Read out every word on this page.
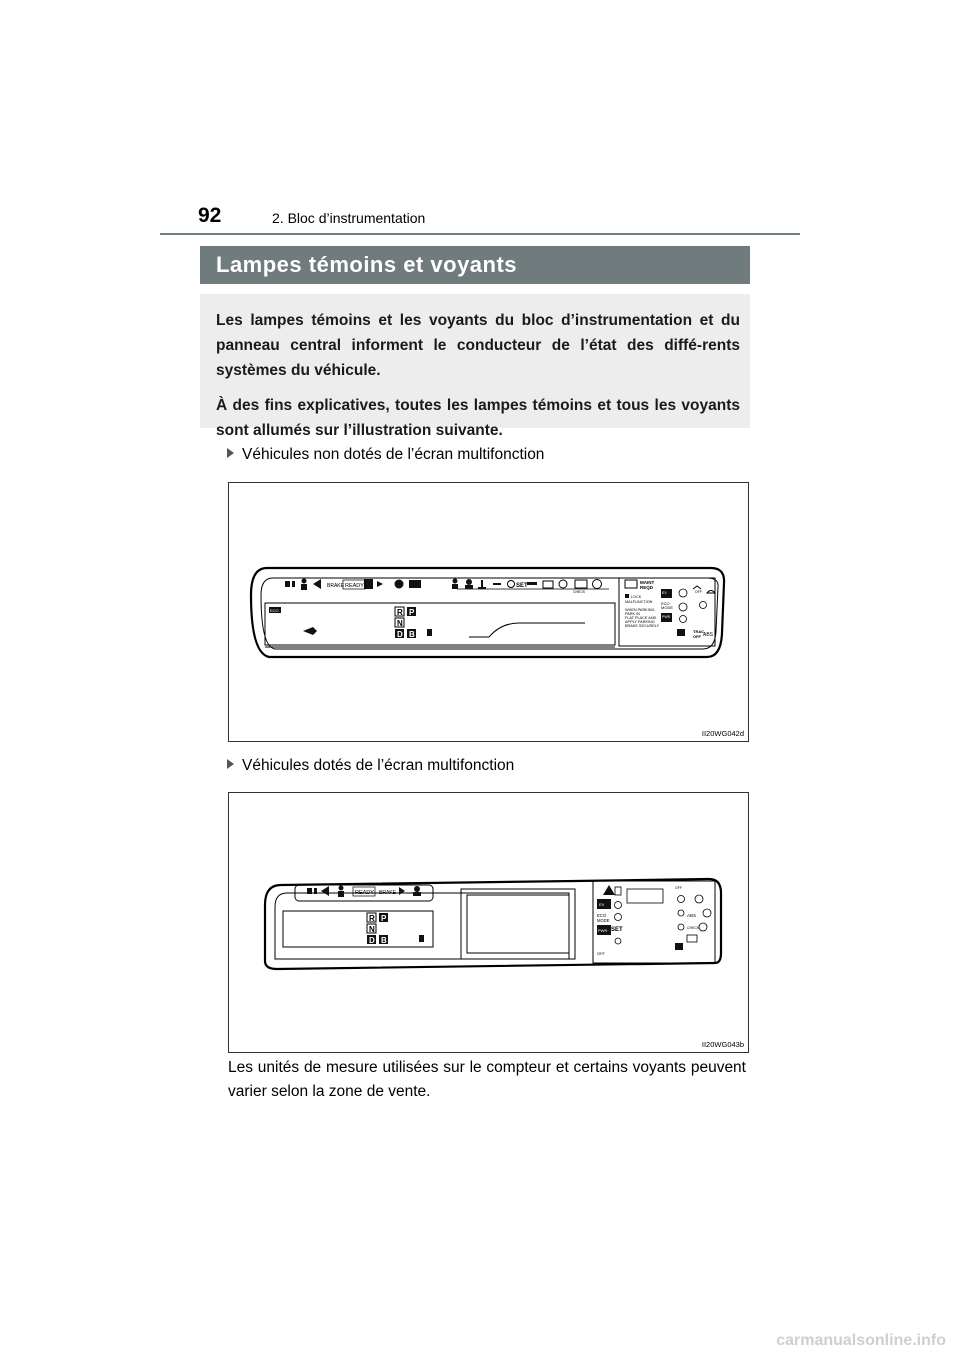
92	2. Bloc d’instrumentation
Lampes témoins et voyants

Les lampes témoins et les voyants du bloc d’instrumentation et du panneau central informent le conducteur de l’état des diffé-rents systèmes du véhicule.

À des fins explicatives, toutes les lampes témoins et tous les voyants sont allumés sur l’illustration suivante.

Véhicules non dotés de l’écran multifonction
BRAKE READY	SET
CHECK
ECO	R P
N
D B
MAINT
REQD
LOCK
MALFUNCTION
WHEN PARKING,
PARK IN
FLAT PLACE AND
APPLY PARKING
BRAKE SECURELY
EV
ECO
MODE
PWR
OFF
TRAC
OFF ABS
II20WG042d
Véhicules dotés de l’écran multifonction
READY BRAKE
R P
N
D B
EV
ECO
MODE
PWR
OFF
SET
OFF
ABS
CHECK
II20WG043b
Les unités de mesure utilisées sur le compteur et certains voyants peuvent varier selon la zone de vente.
carmanualsonline.info
